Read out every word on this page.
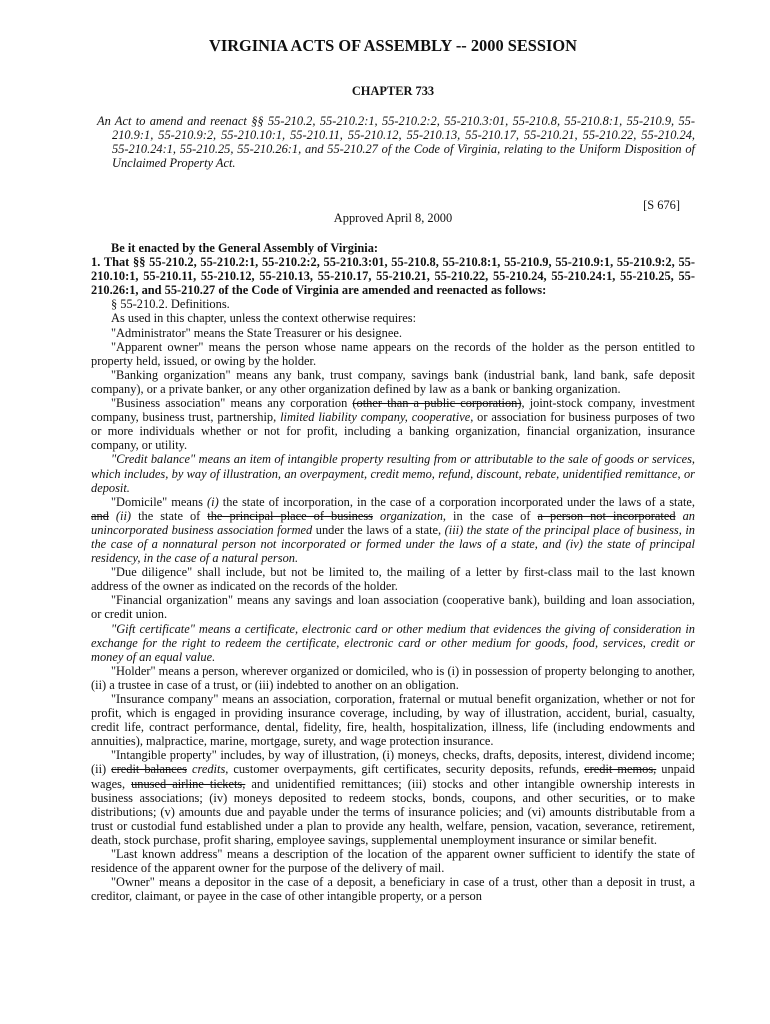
VIRGINIA ACTS OF ASSEMBLY -- 2000 SESSION
CHAPTER 733
An Act to amend and reenact §§ 55-210.2, 55-210.2:1, 55-210.2:2, 55-210.3:01, 55-210.8, 55-210.8:1, 55-210.9, 55-210.9:1, 55-210.9:2, 55-210.10:1, 55-210.11, 55-210.12, 55-210.13, 55-210.17, 55-210.21, 55-210.22, 55-210.24, 55-210.24:1, 55-210.25, 55-210.26:1, and 55-210.27 of the Code of Virginia, relating to the Uniform Disposition of Unclaimed Property Act.
[S 676]
Approved April 8, 2000

Be it enacted by the General Assembly of Virginia:

1. That §§ 55-210.2, 55-210.2:1, 55-210.2:2, 55-210.3:01, 55-210.8, 55-210.8:1, 55-210.9, 55-210.9:1, 55-210.9:2, 55-210.10:1, 55-210.11, 55-210.12, 55-210.13, 55-210.17, 55-210.21, 55-210.22, 55-210.24, 55-210.24:1, 55-210.25, 55-210.26:1, and 55-210.27 of the Code of Virginia are amended and reenacted as follows:

§ 55-210.2. Definitions.

As used in this chapter, unless the context otherwise requires:

"Administrator" means the State Treasurer or his designee.

"Apparent owner" means the person whose name appears on the records of the holder as the person entitled to property held, issued, or owing by the holder.

"Banking organization" means any bank, trust company, savings bank (industrial bank, land bank, safe deposit company), or a private banker, or any other organization defined by law as a bank or banking organization.

"Business association" means any corporation (other than a public corporation), joint-stock company, investment company, business trust, partnership, limited liability company, cooperative, or association for business purposes of two or more individuals whether or not for profit, including a banking organization, financial organization, insurance company, or utility.

"Credit balance" means an item of intangible property resulting from or attributable to the sale of goods or services, which includes, by way of illustration, an overpayment, credit memo, refund, discount, rebate, unidentified remittance, or deposit.

"Domicile" means (i) the state of incorporation, in the case of a corporation incorporated under the laws of a state, and (ii) the state of the principal place of business organization, in the case of a person not incorporated an unincorporated business association formed under the laws of a state, (iii) the state of the principal place of business, in the case of a nonnatural person not incorporated or formed under the laws of a state, and (iv) the state of principal residency, in the case of a natural person.

"Due diligence" shall include, but not be limited to, the mailing of a letter by first-class mail to the last known address of the owner as indicated on the records of the holder.

"Financial organization" means any savings and loan association (cooperative bank), building and loan association, or credit union.

"Gift certificate" means a certificate, electronic card or other medium that evidences the giving of consideration in exchange for the right to redeem the certificate, electronic card or other medium for goods, food, services, credit or money of an equal value.

"Holder" means a person, wherever organized or domiciled, who is (i) in possession of property belonging to another, (ii) a trustee in case of a trust, or (iii) indebted to another on an obligation.

"Insurance company" means an association, corporation, fraternal or mutual benefit organization, whether or not for profit, which is engaged in providing insurance coverage, including, by way of illustration, accident, burial, casualty, credit life, contract performance, dental, fidelity, fire, health, hospitalization, illness, life (including endowments and annuities), malpractice, marine, mortgage, surety, and wage protection insurance.

"Intangible property" includes, by way of illustration, (i) moneys, checks, drafts, deposits, interest, dividend income; (ii) credit balances credits, customer overpayments, gift certificates, security deposits, refunds, credit memos, unpaid wages, unused airline tickets, and unidentified remittances; (iii) stocks and other intangible ownership interests in business associations; (iv) moneys deposited to redeem stocks, bonds, coupons, and other securities, or to make distributions; (v) amounts due and payable under the terms of insurance policies; and (vi) amounts distributable from a trust or custodial fund established under a plan to provide any health, welfare, pension, vacation, severance, retirement, death, stock purchase, profit sharing, employee savings, supplemental unemployment insurance or similar benefit.

"Last known address" means a description of the location of the apparent owner sufficient to identify the state of residence of the apparent owner for the purpose of the delivery of mail.

"Owner" means a depositor in the case of a deposit, a beneficiary in case of a trust, other than a deposit in trust, a creditor, claimant, or payee in the case of other intangible property, or a person
